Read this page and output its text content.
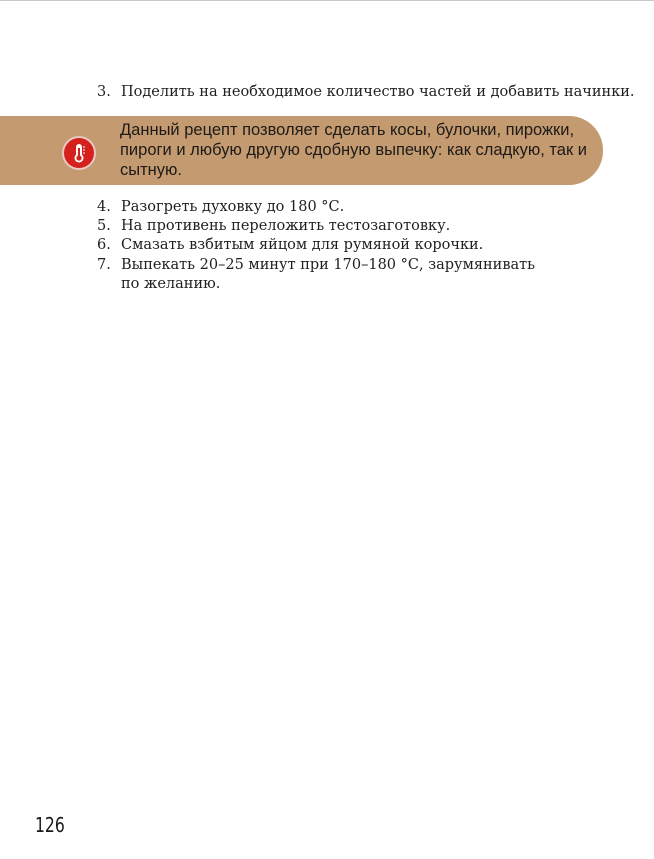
3. Поделить на необходимое количество частей и добавить начинки.
Данный рецепт позволяет сделать косы, булочки, пирожки, пироги и любую другую сдобную выпечку: как сладкую, так и сытную.
4. Разогреть духовку до 180 °С.
5. На противень переложить тестозаготовку.
6. Смазать взбитым яйцом для румяной корочки.
7. Выпекать 20–25 минут при 170–180 °С, зарумянивать
по желанию.
126
